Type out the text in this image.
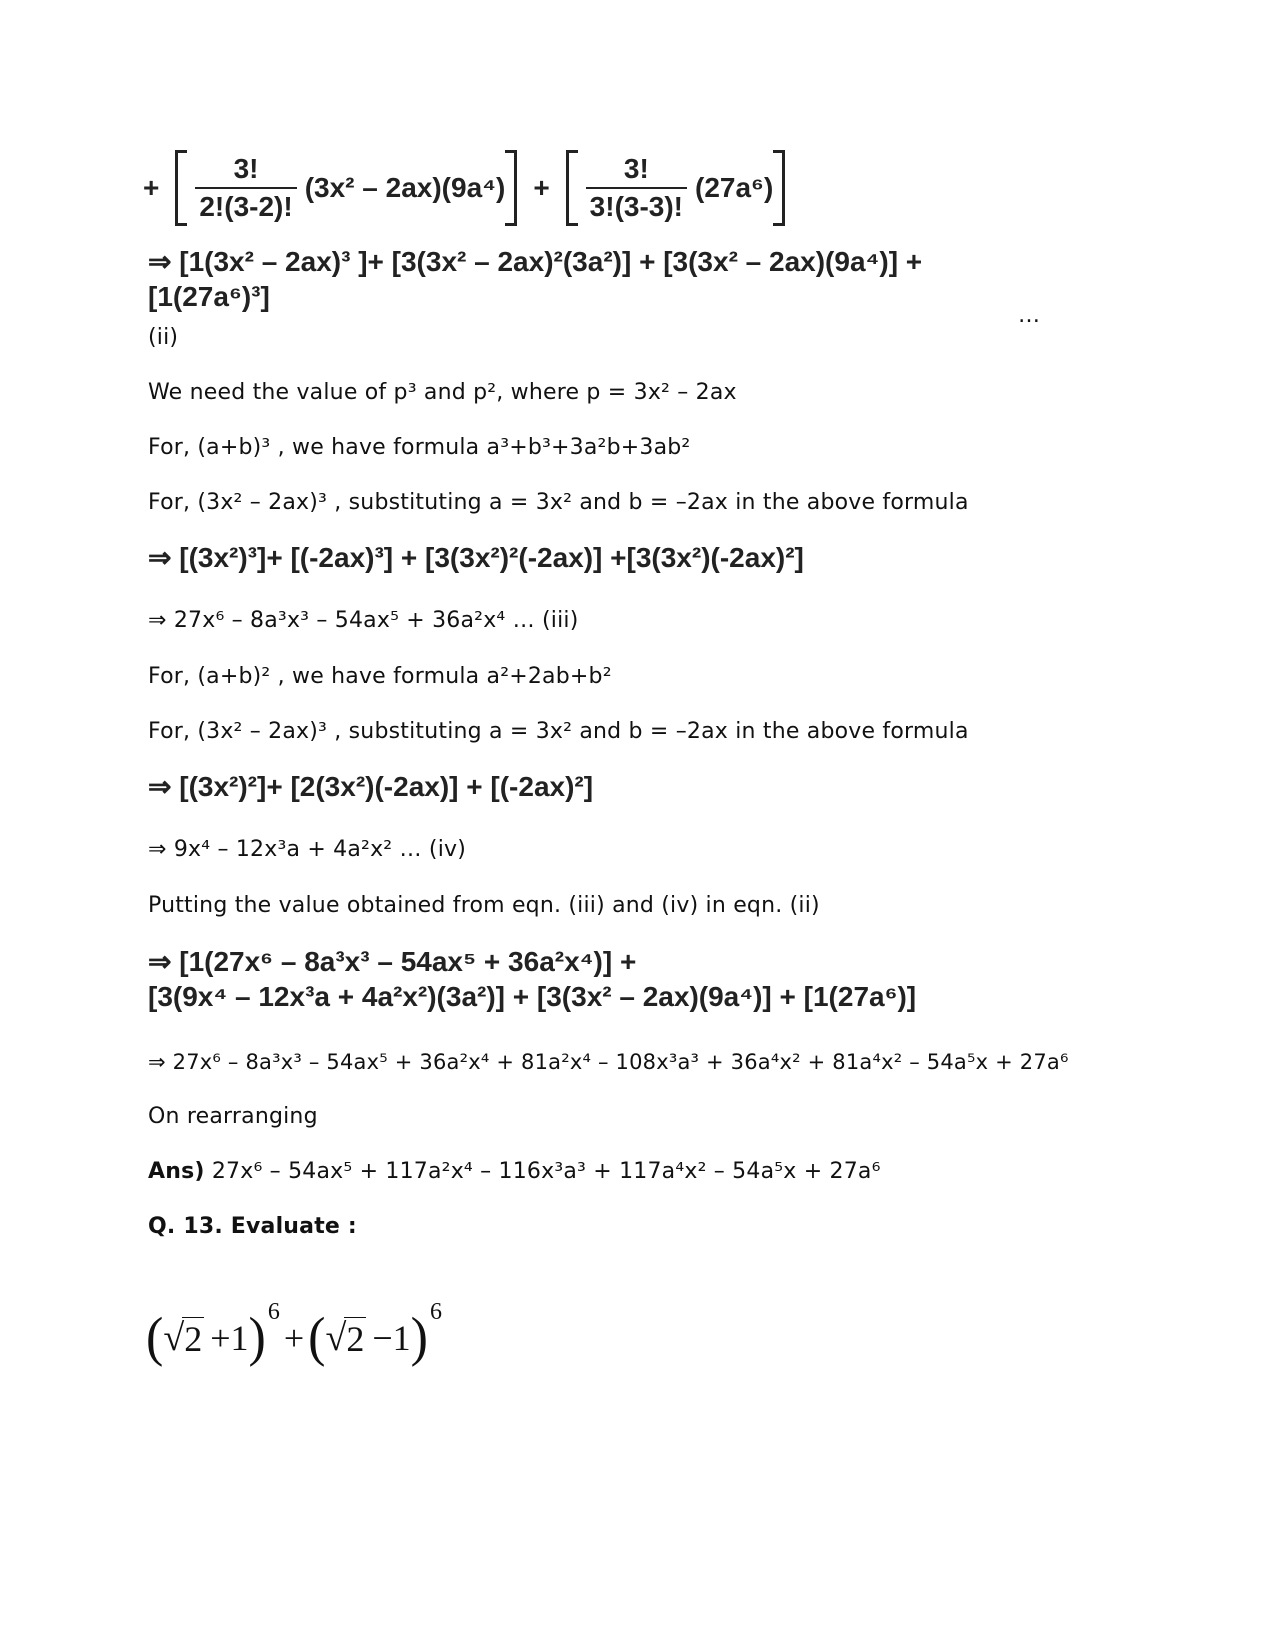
+ $\frac{3!}{2!(3-2)!} (3x^2 - 2ax)(9a^4) + \frac{3!}{3!(3-3)!} (27a^6)$
⇒ [1(3x² – 2ax)³ ]+ [3(3x² – 2ax)²(3a²)] + [3(3x² – 2ax)(9a⁴)] +
[1(27a⁶)³]
…
(ii)
We need the value of p³ and p², where p = 3x² – 2ax
For, (a+b)³ , we have formula a³+b³+3a²b+3ab²
For, (3x² – 2ax)³ , substituting a = 3x² and b = –2ax in the above formula
⇒ [(3x²)³]+ [(-2ax)³] + [3(3x²)²(-2ax)] +[3(3x²)(-2ax)²]
⇒ 27x⁶ – 8a³x³ – 54ax⁵ + 36a²x⁴ … (iii)
For, (a+b)² , we have formula a²+2ab+b²
For, (3x² – 2ax)³ , substituting a = 3x² and b = –2ax in the above formula
⇒ [(3x²)²]+ [2(3x²)(-2ax)] + [(-2ax)²]
⇒ 9x⁴ – 12x³a + 4a²x² … (iv)
Putting the value obtained from eqn. (iii) and (iv) in eqn. (ii)
⇒ [1(27x⁶ – 8a³x³ – 54ax⁵ + 36a²x⁴)] +
[3(9x⁴ – 12x³a + 4a²x²)(3a²)] + [3(3x² – 2ax)(9a⁴)] + [1(27a⁶)]
⇒ 27x⁶ – 8a³x³ – 54ax⁵ + 36a²x⁴ + 81a²x⁴ – 108x³a³ + 36a⁴x² + 81a⁴x² – 54a⁵x + 27a⁶
On rearranging
Ans) 27x⁶ – 54ax⁵ + 117a²x⁴ – 116x³a³ + 117a⁴x² – 54a⁵x + 27a⁶
Q. 13. Evaluate :
( √ 2 +1 ) 6
+ ( √ 2 −1 ) 6
